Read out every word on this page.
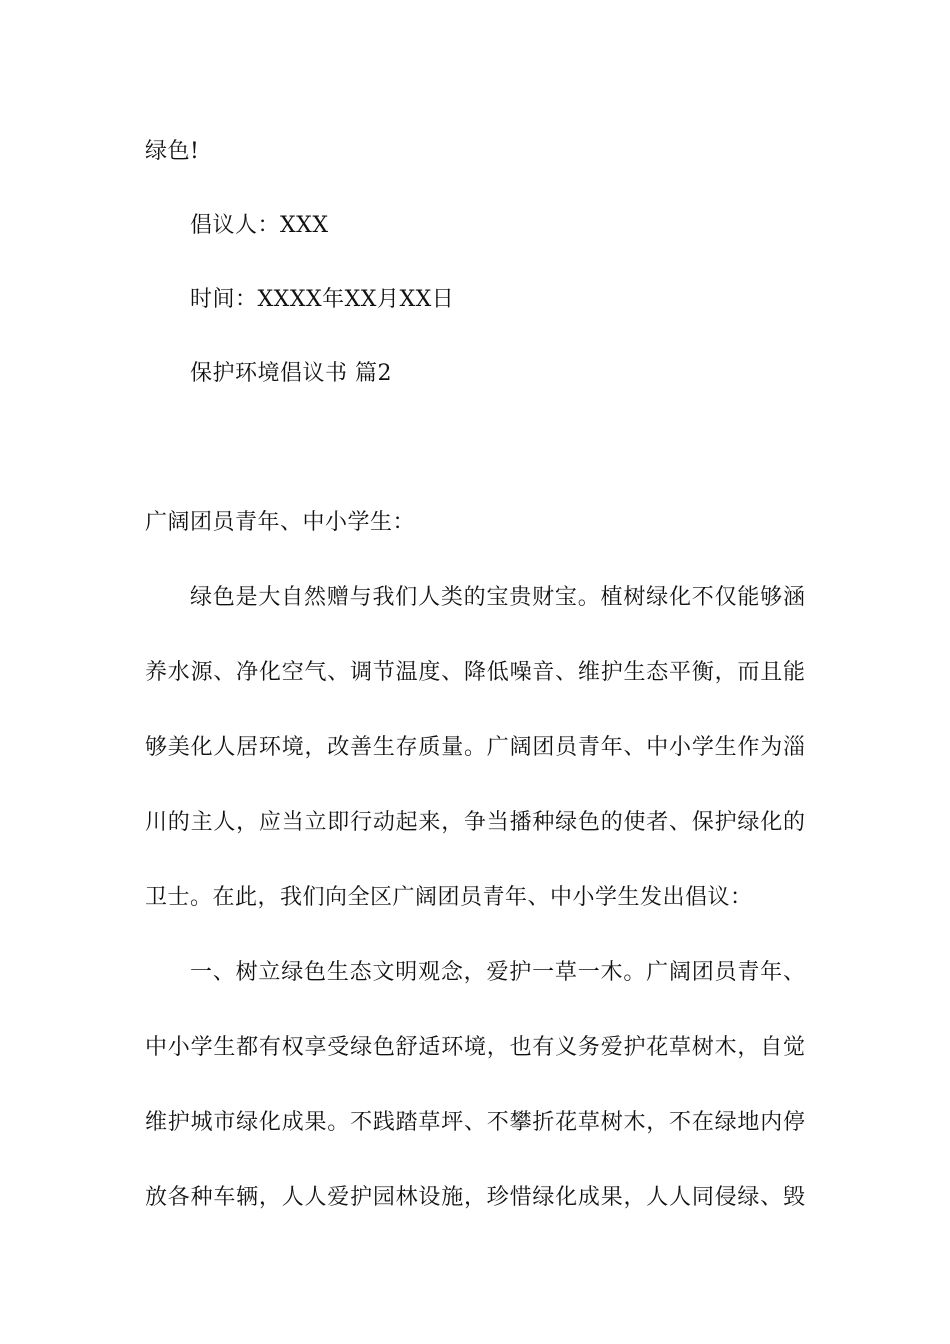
绿色!
倡议人：XXX
时间：XXXX年XX月XX日
保护环境倡议书 篇2
广阔团员青年、中小学生：
绿色是大自然赠与我们人类的宝贵财宝。植树绿化不仅能够涵
养水源、净化空气、调节温度、降低噪音、维护生态平衡，而且能
够美化人居环境，改善生存质量。广阔团员青年、中小学生作为淄
川的主人，应当立即行动起来，争当播种绿色的使者、保护绿化的
卫士。在此，我们向全区广阔团员青年、中小学生发出倡议：
一、树立绿色生态文明观念，爱护一草一木。广阔团员青年、
中小学生都有权享受绿色舒适环境，也有义务爱护花草树木，自觉
维护城市绿化成果。不践踏草坪、不攀折花草树木，不在绿地内停
放各种车辆，人人爱护园林设施，珍惜绿化成果，人人同侵绿、毁
